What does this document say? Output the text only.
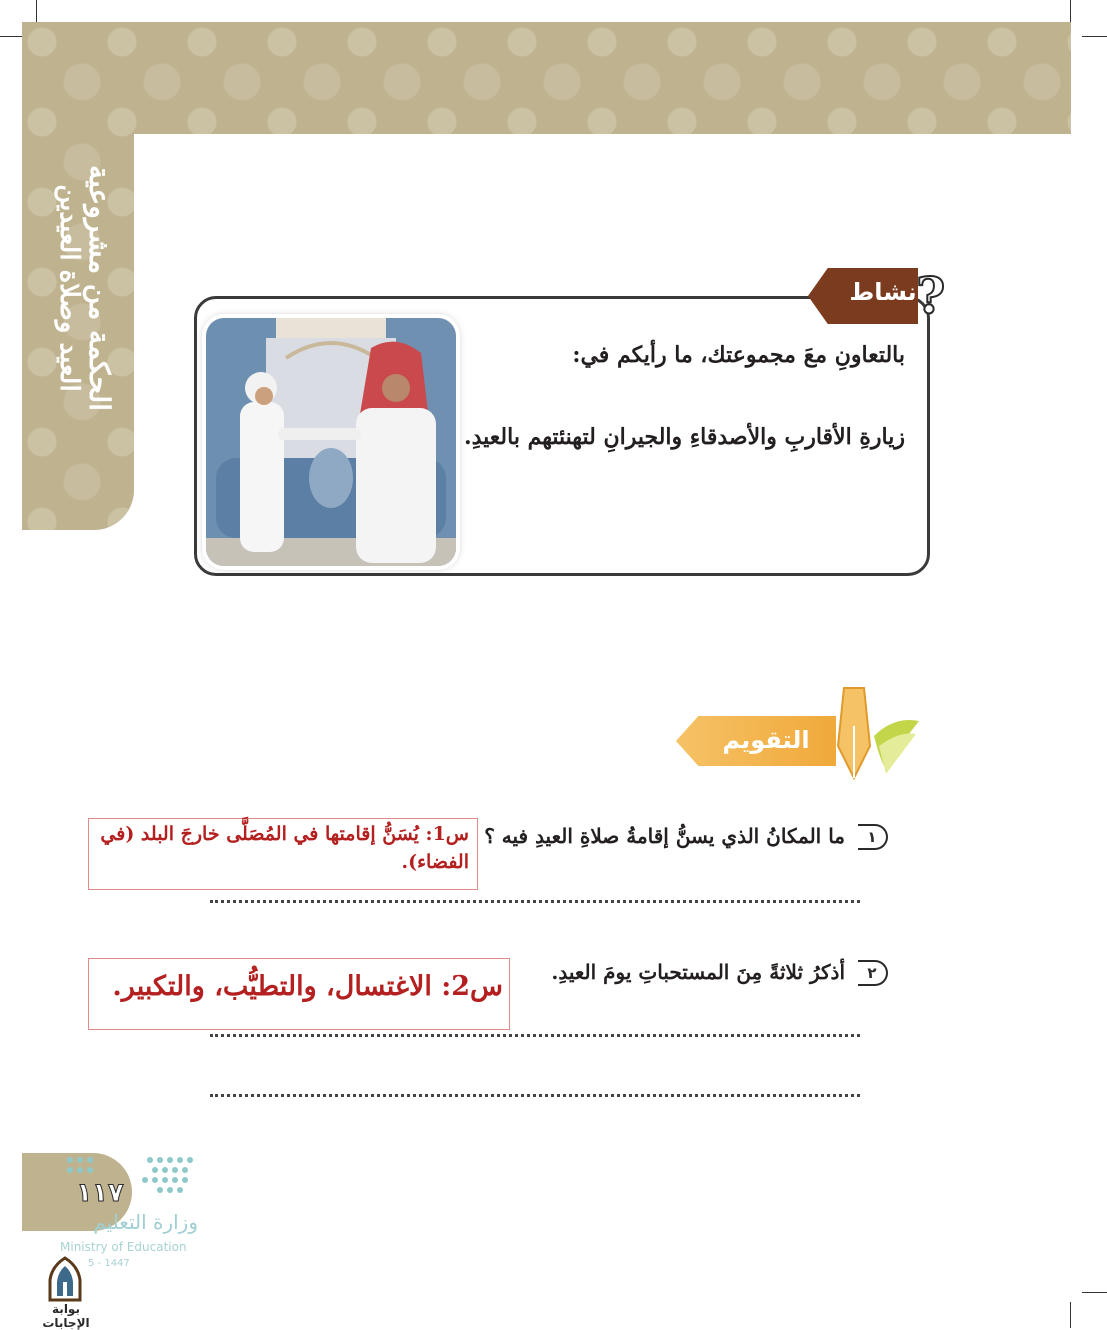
الحكمة من مشروعية
العيد وصلاة العيدين	نشاط ?
بالتعاونِ معَ مجموعتك، ما رأيكم في:
زيارةِ الأقاربِ والأصدقاءِ والجيرانِ لتهنئتهم بالعيدِ.
التقويم
١
ما المكانُ الذي يسنُّ إقامةُ صلاةِ العيدِ فيه ؟
س1: يُسَنُّ إقامتها في المُصَلَّى خارجَ البلد (في
الفضاء).
٢
أذكرُ ثلاثةً مِنَ المستحباتِ يومَ العيدِ.
س2: الاغتسال، والتطيُّب، والتكبير.
١١٧
وزارة التعليم
Ministry of Education
5 - 1447
بوابة الإجابات
